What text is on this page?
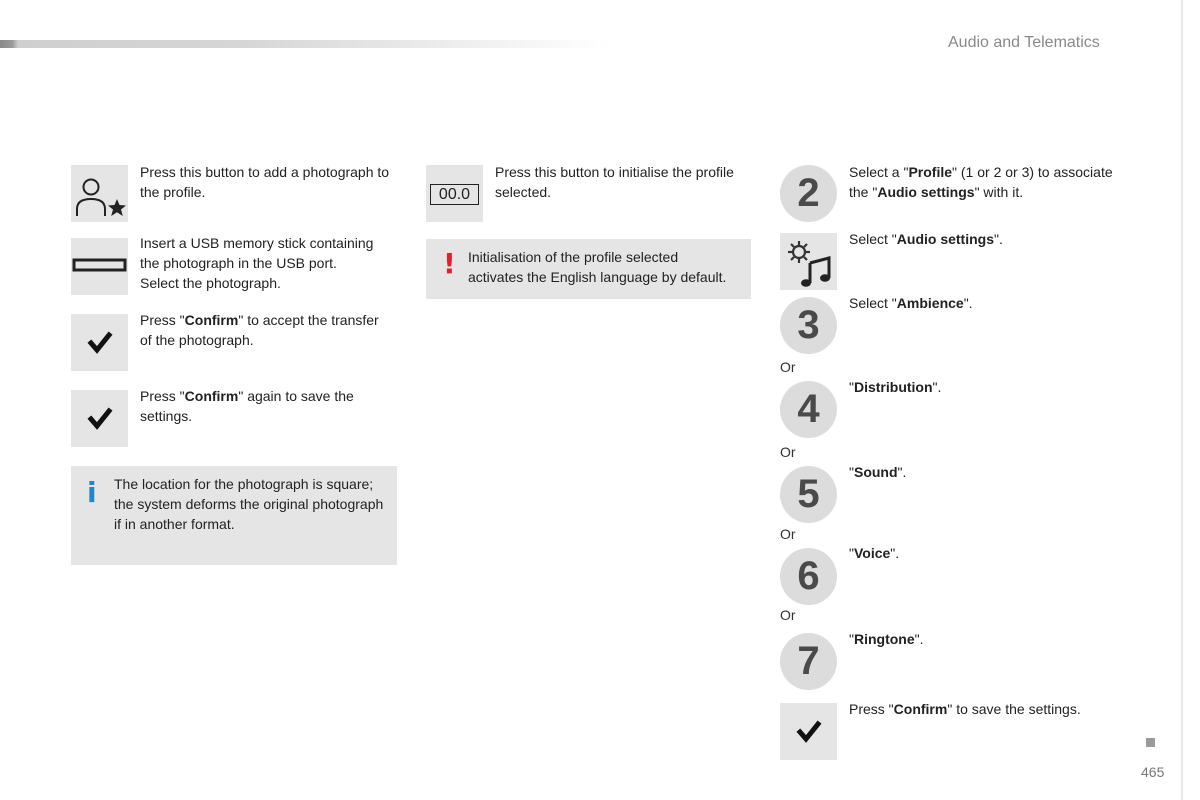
Audio and Telematics
Press this button to add a photograph to the profile.
Insert a USB memory stick containing
the photograph in the USB port.
Select the photograph.
Press "Confirm" to accept the transfer of the photograph.
Press "Confirm" again to save the settings.
i The location for the photograph is square; the system deforms the original photograph if in another format.
00.0
Press this button to initialise the profile selected.
! Initialisation of the profile selected
activates the English language by default.
2	Select a "Profile" (1 or 2 or 3) to associate the "Audio settings" with it.
Select "Audio settings".
3	Select "Ambience".
Or
4	"Distribution".
Or
5	"Sound".
Or
6
"Voice".
Or
7	"Ringtone".
Press "Confirm" to save the settings.
465
